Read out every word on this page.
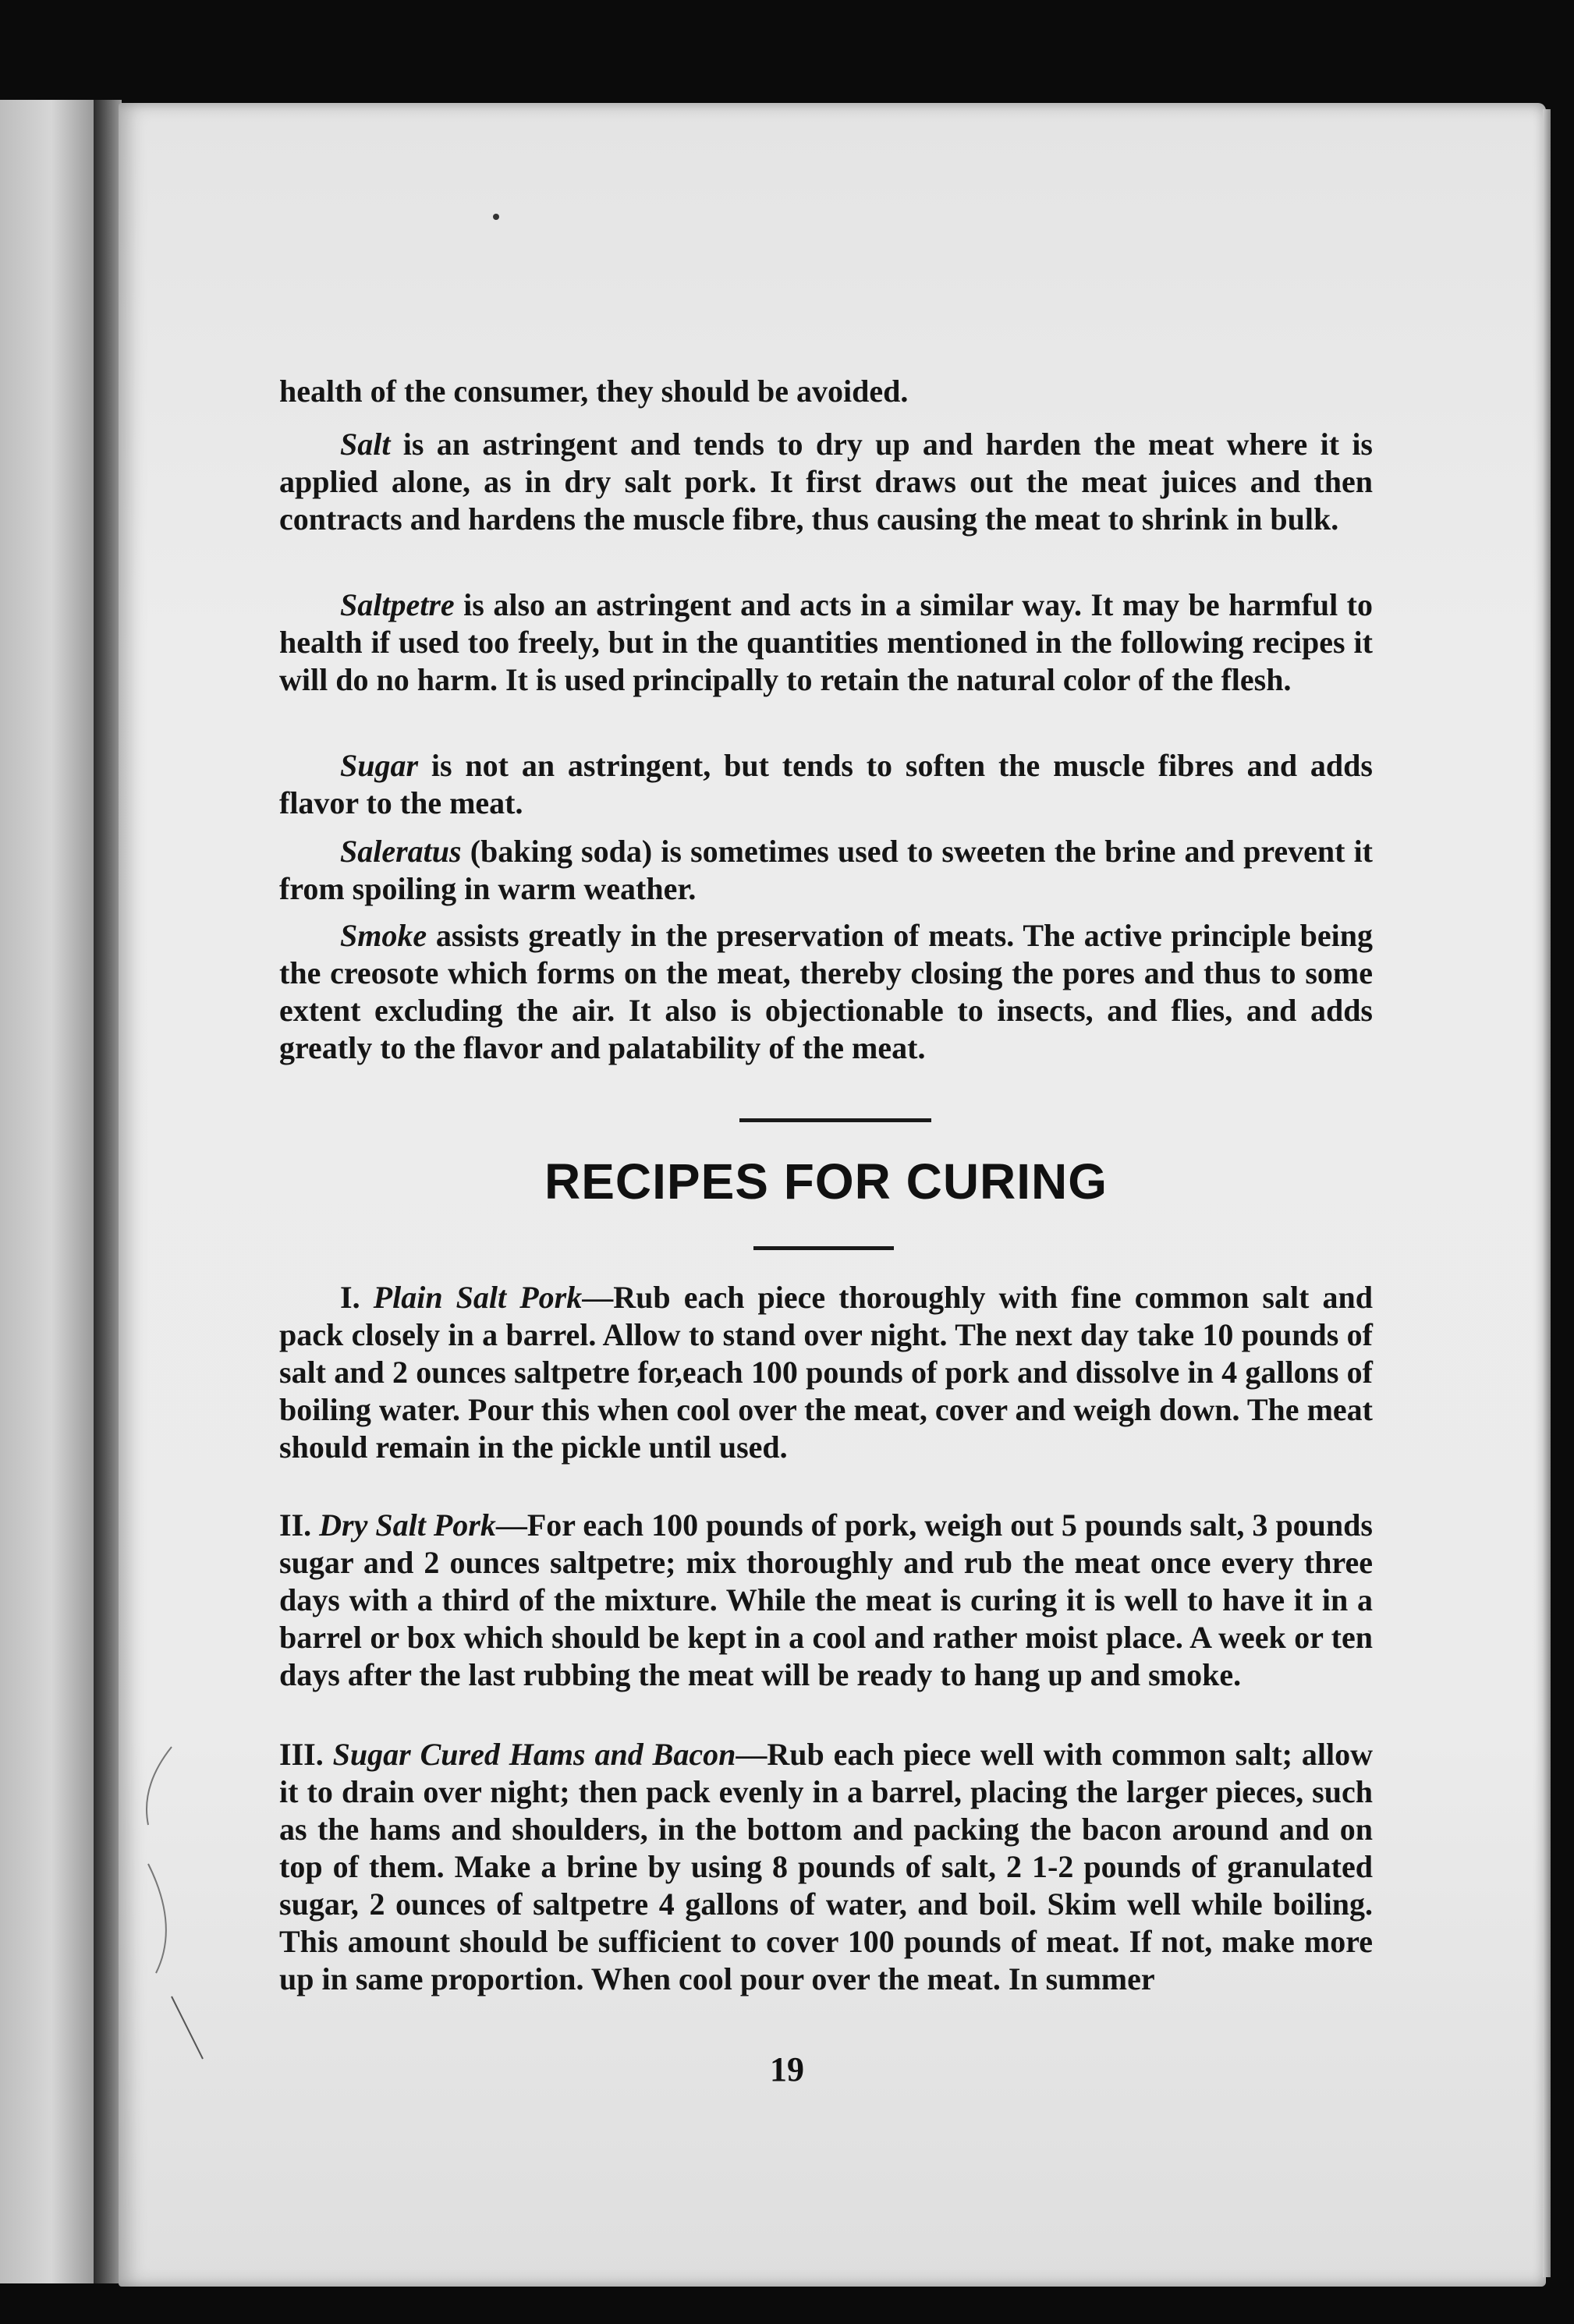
health of the consumer, they should be avoided.

Salt is an astringent and tends to dry up and harden the meat where it is applied alone, as in dry salt pork. It first draws out the meat juices and then contracts and hardens the muscle fibre, thus causing the meat to shrink in bulk.

Saltpetre is also an astringent and acts in a similar way. It may be harmful to health if used too freely, but in the quantities mentioned in the following recipes it will do no harm. It is used principally to retain the natural color of the flesh.

Sugar is not an astringent, but tends to soften the muscle fibres and adds flavor to the meat.

Saleratus (baking soda) is sometimes used to sweeten the brine and prevent it from spoiling in warm weather.

Smoke assists greatly in the preservation of meats. The active principle being the creosote which forms on the meat, thereby closing the pores and thus to some extent excluding the air. It also is objectionable to insects, and flies, and adds greatly to the flavor and palatability of the meat.

RECIPES FOR CURING

I. Plain Salt Pork—Rub each piece thoroughly with fine common salt and pack closely in a barrel. Allow to stand over night. The next day take 10 pounds of salt and 2 ounces saltpetre for,each 100 pounds of pork and dissolve in 4 gallons of boiling water. Pour this when cool over the meat, cover and weigh down. The meat should remain in the pickle until used.

II. Dry Salt Pork—For each 100 pounds of pork, weigh out 5 pounds salt, 3 pounds sugar and 2 ounces saltpetre; mix thoroughly and rub the meat once every three days with a third of the mixture. While the meat is curing it is well to have it in a barrel or box which should be kept in a cool and rather moist place. A week or ten days after the last rubbing the meat will be ready to hang up and smoke.

III. Sugar Cured Hams and Bacon—Rub each piece well with common salt; allow it to drain over night; then pack evenly in a barrel, placing the larger pieces, such as the hams and shoulders, in the bottom and packing the bacon around and on top of them. Make a brine by using 8 pounds of salt, 2 1-2 pounds of granulated sugar, 2 ounces of saltpetre 4 gallons of water, and boil. Skim well while boiling. This amount should be sufficient to cover 100 pounds of meat. If not, make more up in same proportion. When cool pour over the meat. In summer

19
